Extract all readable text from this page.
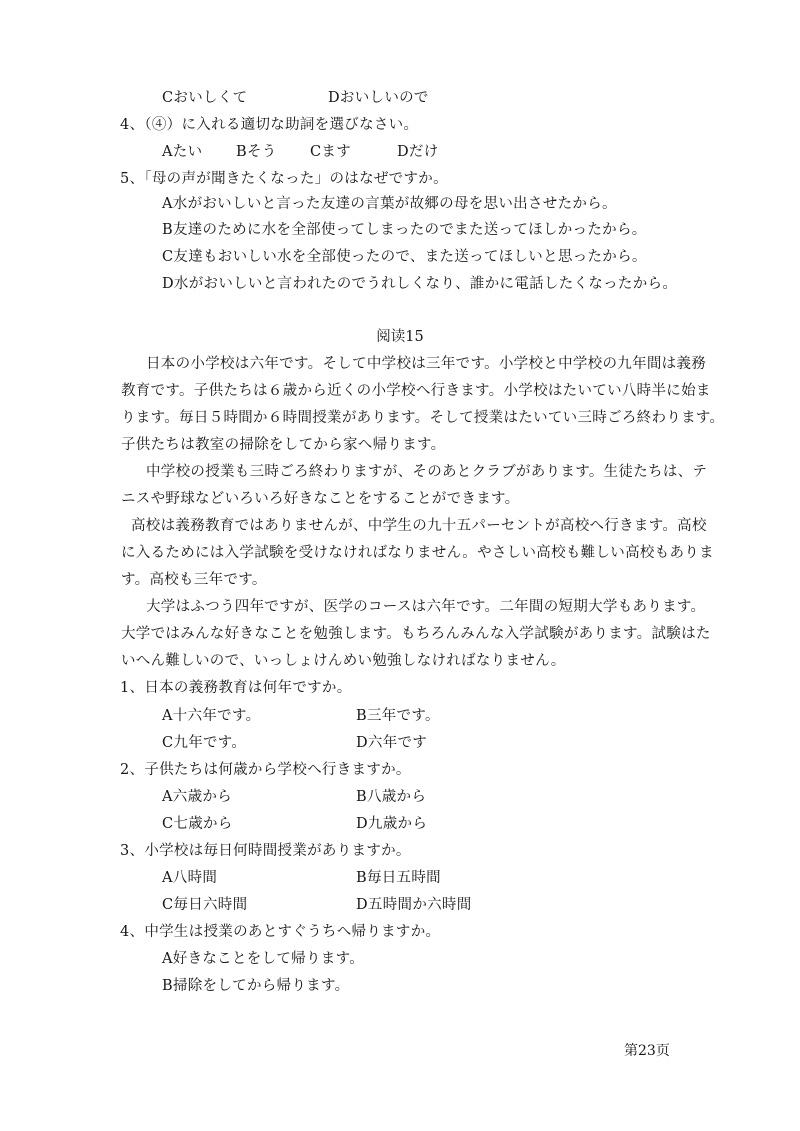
Cおいしくて	Dおいしいので
4、（④）に入れる適切な助詞を選びなさい。
Aたい Bそう Cます	Dだけ
5、「母の声が聞きたくなった」のはなぜですか。
A水がおいしいと言った友達の言葉が故郷の母を思い出させたから。
B友達のために水を全部使ってしまったのでまた送ってほしかったから。
C友達もおいしい水を全部使ったので、また送ってほしいと思ったから。
D水がおいしいと言われたのでうれしくなり、誰かに電話したくなったから。
阅读15
日本の小学校は六年です。そして中学校は三年です。小学校と中学校の九年間は義務
教育です。子供たちは６歳から近くの小学校へ行きます。小学校はたいてい八時半に始ま
ります。毎日５時間か６時間授業があります。そして授業はたいてい三時ごろ終わります。
子供たちは教室の掃除をしてから家へ帰ります。
中学校の授業も三時ごろ終わりますが、そのあとクラブがあります。生徒たちは、テ
ニスや野球などいろいろ好きなことをすることができます。
高校は義務教育ではありませんが、中学生の九十五パーセントが高校へ行きます。高校
に入るためには入学試験を受けなければなりません。やさしい高校も難しい高校もありま
す。高校も三年です。
大学はふつう四年ですが、医学のコースは六年です。二年間の短期大学もあります。
大学ではみんな好きなことを勉強します。もちろんみんな入学試験があります。試験はた
いへん難しいので、いっしょけんめい勉強しなければなりません。
1、日本の義務教育は何年ですか。
A十六年です。	B三年です。
C九年です。	D六年です
2、子供たちは何歳から学校へ行きますか。
A六歳から	B八歳から
C七歳から	D九歳から
3、小学校は毎日何時間授業がありますか。
A八時間	B毎日五時間
C毎日六時間	D五時間か六時間
4、中学生は授業のあとすぐうちへ帰りますか。
A好きなことをして帰ります。
B掃除をしてから帰ります。
第23页
